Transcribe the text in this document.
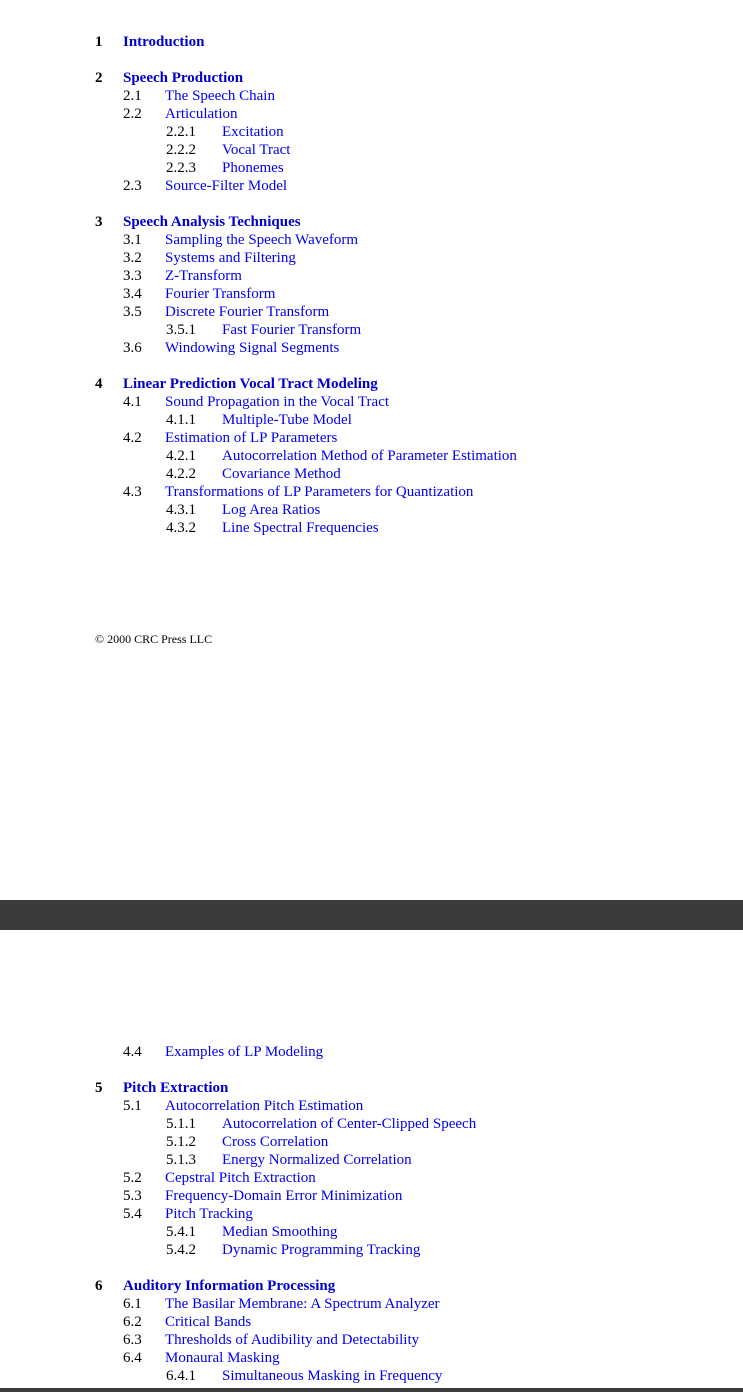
1 Introduction
2 Speech Production
2.1 The Speech Chain
2.2 Articulation
2.2.1 Excitation
2.2.2 Vocal Tract
2.2.3 Phonemes
2.3 Source-Filter Model
3 Speech Analysis Techniques
3.1 Sampling the Speech Waveform
3.2 Systems and Filtering
3.3 Z-Transform
3.4 Fourier Transform
3.5 Discrete Fourier Transform
3.5.1 Fast Fourier Transform
3.6 Windowing Signal Segments
4 Linear Prediction Vocal Tract Modeling
4.1 Sound Propagation in the Vocal Tract
4.1.1 Multiple-Tube Model
4.2 Estimation of LP Parameters
4.2.1 Autocorrelation Method of Parameter Estimation
4.2.2 Covariance Method
4.3 Transformations of LP Parameters for Quantization
4.3.1 Log Area Ratios
4.3.2 Line Spectral Frequencies
© 2000 CRC Press LLC
4.4 Examples of LP Modeling
5 Pitch Extraction
5.1 Autocorrelation Pitch Estimation
5.1.1 Autocorrelation of Center-Clipped Speech
5.1.2 Cross Correlation
5.1.3 Energy Normalized Correlation
5.2 Cepstral Pitch Extraction
5.3 Frequency-Domain Error Minimization
5.4 Pitch Tracking
5.4.1 Median Smoothing
5.4.2 Dynamic Programming Tracking
6 Auditory Information Processing
6.1 The Basilar Membrane: A Spectrum Analyzer
6.2 Critical Bands
6.3 Thresholds of Audibility and Detectability
6.4 Monaural Masking
6.4.1 Simultaneous Masking in Frequency
